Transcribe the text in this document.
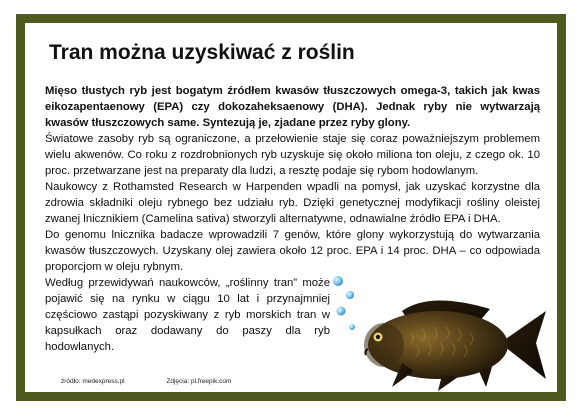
Tran można uzyskiwać z roślin

Mięso tłustych ryb jest bogatym źródłem kwasów tłuszczowych omega-3, takich jak kwas eikozapentaenowy (EPA) czy dokozaheksaenowy (DHA). Jednak ryby nie wytwarzają kwasów tłuszczowych same. Syntezują je, zjadane przez ryby glony.

Światowe zasoby ryb są ograniczone, a przełowienie staje się coraz poważniejszym problemem wielu akwenów. Co roku z rozdrobnionych ryb uzyskuje się około miliona ton oleju, z czego ok. 10 proc. przetwarzane jest na preparaty dla ludzi, a resztę podaje się rybom hodowlanym.

Naukowcy z Rothamsted Research w Harpenden wpadli na pomysł, jak uzyskać korzystne dla zdrowia składniki oleju rybnego bez udziału ryb. Dzięki genetycznej modyfikacji rośliny oleistej zwanej lnicznikiem (Camelina sativa) stworzyli alternatywne, odnawialne źródło EPA i DHA.

Do genomu lnicznika badacze wprowadzili 7 genów, które glony wykorzystują do wytwarzania kwasów tłuszczowych. Uzyskany olej zawiera około 12 proc. EPA i 14 proc. DHA – co odpowiada proporcjom w oleju rybnym.

Według przewidywań naukowców, „roślinny tran” może pojawić się na rynku w ciągu 10 lat i przynajmniej częściowo zastąpi pozyskiwany z ryb morskich tran w kapsułkach oraz dodawany do paszy dla ryb hodowlanych.

źródło: medexpress.pl	Zdjęcia: pl.freepik.com
